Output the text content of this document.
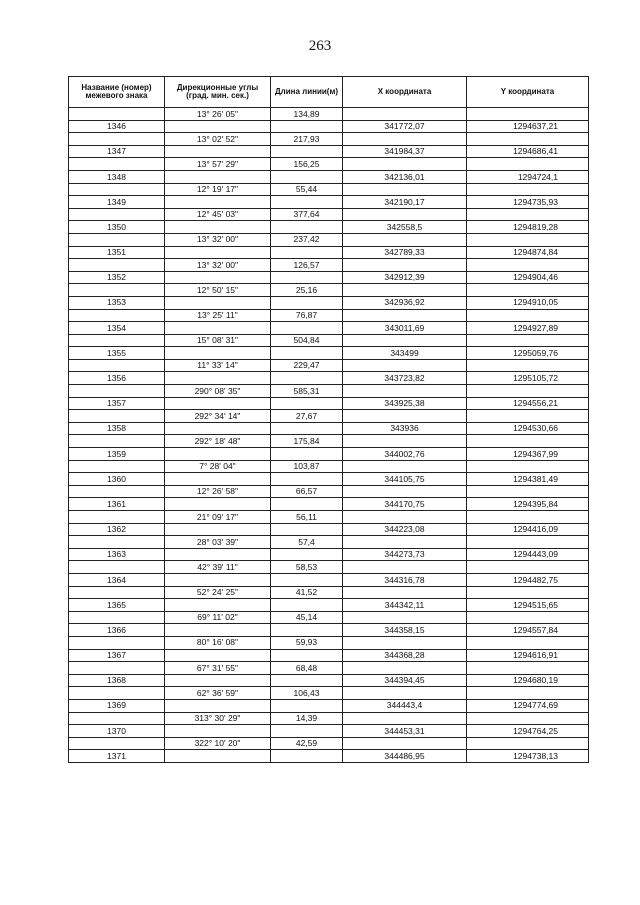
263
Название (номер) межевого знака	Дирекционные углы (град. мин. сек.)	Длина линии(м)	X координата	Y координата
	13° 26' 05"	134,89		
1346			341772,07	1294637,21
	13° 02' 52"	217,93		
1347			341984,37	1294686,41
	13° 57' 29"	156,25		
1348			342136,01	1294724,1
	12° 19' 17"	55,44		
1349			342190,17	1294735,93
	12° 45' 03"	377,64		
1350			342558,5	1294819,28
	13° 32' 00"	237,42		
1351			342789,33	1294874,84
	13° 32' 00"	126,57		
1352			342912,39	1294904,46
	12° 50' 15"	25,16		
1353			342936,92	1294910,05
	13° 25' 11"	76,87		
1354			343011,69	1294927,89
	15° 08' 31"	504,84		
1355			343499	1295059,76
	11° 33' 14"	229,47		
1356			343723,82	1295105,72
	290° 08' 35"	585,31		
1357			343925,38	1294556,21
	292° 34' 14"	27,67		
1358			343936	1294530,66
	292° 18' 48"	175,84		
1359			344002,76	1294367,99
	7° 28' 04"	103,87		
1360			344105,75	1294381,49
	12° 26' 58"	66,57		
1361			344170,75	1294395,84
	21° 09' 17"	56,11		
1362			344223,08	1294416,09
	28° 03' 39"	57,4		
1363			344273,73	1294443,09
	42° 39' 11"	58,53		
1364			344316,78	1294482,75
	52° 24' 25"	41,52		
1365			344342,11	1294515,65
	69° 11' 02"	45,14		
1366			344358,15	1294557,84
	80° 16' 08"	59,93		
1367			344368,28	1294616,91
	67° 31' 55"	68,48		
1368			344394,45	1294680,19
	62° 36' 59"	106,43		
1369			344443,4	1294774,69
	313° 30' 29"	14,39		
1370			344453,31	1294764,25
	322° 10' 20"	42,59		
1371			344486,95	1294738,13
